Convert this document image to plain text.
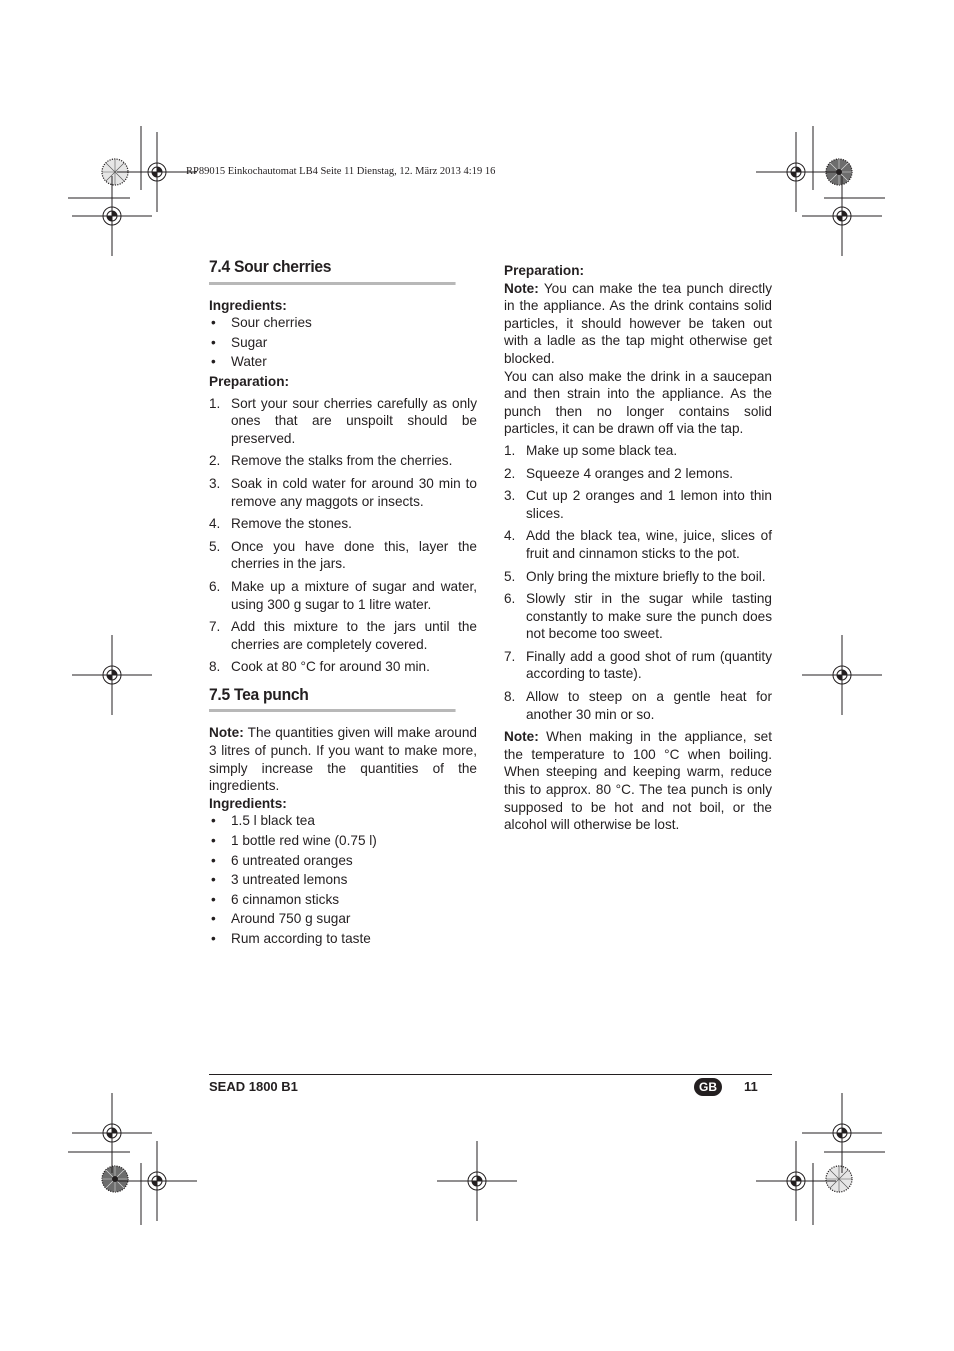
RP89015 Einkochautomat LB4 Seite 11 Dienstag, 12. März 2013 4:19 16
7.4 Sour cherries

Ingredients:

• Sour cherries
• Sugar
• Water

Preparation:

1. Sort your sour cherries carefully as only ones that are unspoilt should be preserved.
2. Remove the stalks from the cherries.
3. Soak in cold water for around 30 min to remove any maggots or insects.
4. Remove the stones.
5. Once you have done this, layer the cherries in the jars.
6. Make up a mixture of sugar and water, using 300 g sugar to 1 litre water.
7. Add this mixture to the jars until the cherries are completely covered.
8. Cook at 80 °C for around 30 min.
7.5 Tea punch

Note: The quantities given will make around 3 litres of punch. If you want to make more, simply increase the quantities of the ingredients.

Ingredients:

• 1.5 l black tea
• 1 bottle red wine (0.75 l)
• 6 untreated oranges
• 3 untreated lemons
• 6 cinnamon sticks
• Around 750 g sugar
• Rum according to taste

Preparation:

Note: You can make the tea punch directly in the appliance. As the drink contains solid particles, it should however be taken out with a ladle as the tap might otherwise get blocked.

You can also make the drink in a saucepan and then strain into the appliance. As the punch then no longer contains solid particles, it can be drawn off via the tap.

1. Make up some black tea.
2. Squeeze 4 oranges and 2 lemons.
3. Cut up 2 oranges and 1 lemon into thin slices.
4. Add the black tea, wine, juice, slices of fruit and cinnamon sticks to the pot.
5. Only bring the mixture briefly to the boil.
6. Slowly stir in the sugar while tasting constantly to make sure the punch does not become too sweet.
7. Finally add a good shot of rum (quantity according to taste).
8. Allow to steep on a gentle heat for another 30 min or so.

Note: When making in the appliance, set the temperature to 100 °C when boiling. When steeping and keeping warm, reduce this to approx. 80 °C. The tea punch is only supposed to be hot and not boil, or the alcohol will otherwise be lost.

SEAD 1800 B1	GB	11
